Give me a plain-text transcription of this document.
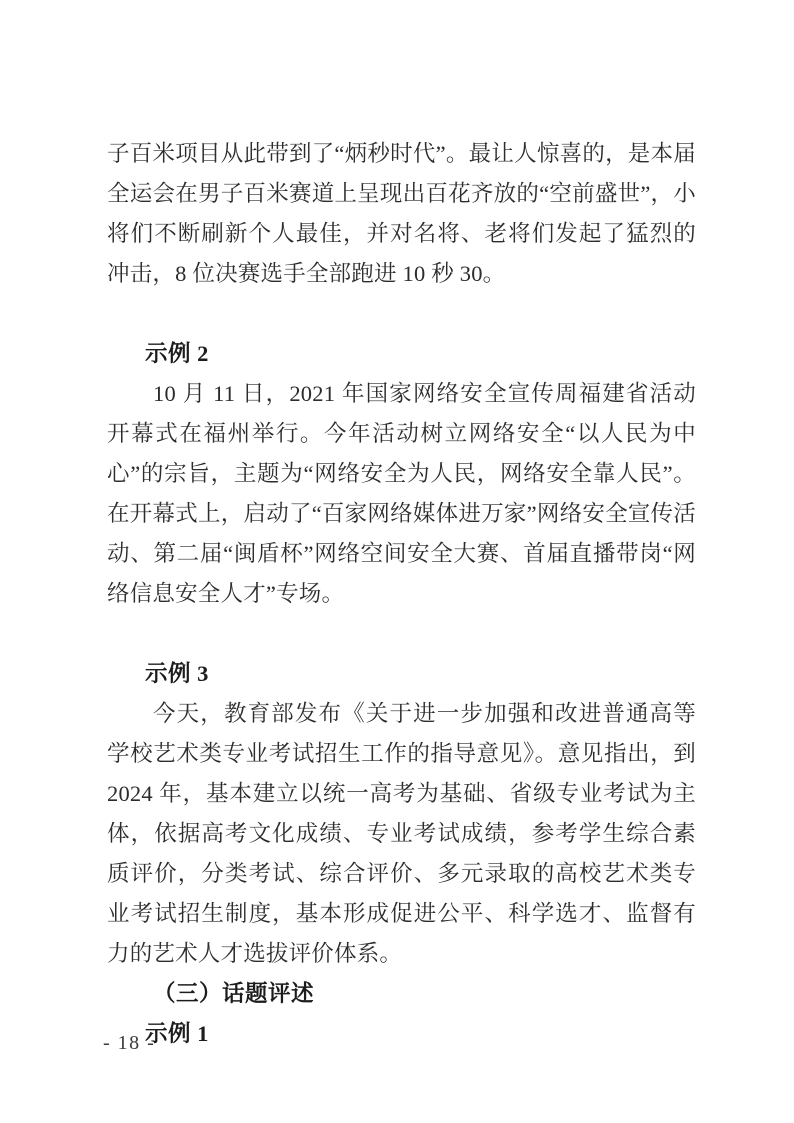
子百米项目从此带到了“炳秒时代”。最让人惊喜的，是本届全运会在男子百米赛道上呈现出百花齐放的“空前盛世”，小将们不断刷新个人最佳，并对名将、老将们发起了猛烈的冲击，8 位决赛选手全部跑进 10 秒 30。

示例 2

10 月 11 日，2021 年国家网络安全宣传周福建省活动开幕式在福州举行。今年活动树立网络安全“以人民为中心”的宗旨，主题为“网络安全为人民，网络安全靠人民”。在开幕式上，启动了“百家网络媒体进万家”网络安全宣传活动、第二届“闽盾杯”网络空间安全大赛、首届直播带岗“网络信息安全人才”专场。

示例 3

今天，教育部发布《关于进一步加强和改进普通高等学校艺术类专业考试招生工作的指导意见》。意见指出，到 2024 年，基本建立以统一高考为基础、省级专业考试为主体，依据高考文化成绩、专业考试成绩，参考学生综合素质评价，分类考试、综合评价、多元录取的高校艺术类专业考试招生制度，基本形成促进公平、科学选才、监督有力的艺术人才选拔评价体系。

（三）话题评述

示例 1

- 18 -
